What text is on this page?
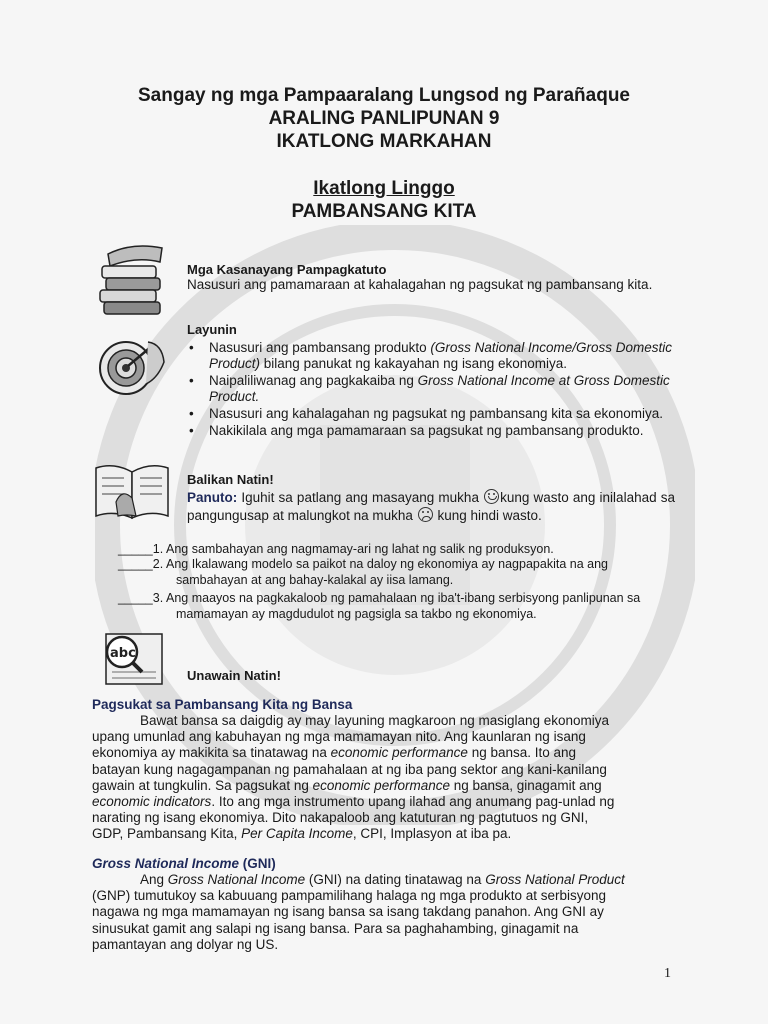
Sangay ng mga Pampaaralang Lungsod ng Parañaque
ARALING PANLIPUNAN 9
IKATLONG MARKAHAN
Ikatlong Linggo
PAMBANSANG KITA
abc
Mga Kasanayang Pampagkatuto
Nasusuri ang pamamaraan at kahalagahan ng pagsukat ng pambansang kita.
Layunin
• Nasusuri ang pambansang produkto (Gross National Income/Gross Domestic Product) bilang panukat ng kakayahan ng isang ekonomiya.
• Naipaliliwanag ang pagkakaiba ng Gross National Income at Gross Domestic Product.
• Nasusuri ang kahalagahan ng pagsukat ng pambansang kita sa ekonomiya.
• Nakikilala ang mga pamamaraan sa pagsukat ng pambansang produkto.
Balikan Natin!
Panuto: Iguhit sa patlang ang masayang mukha
kung wasto ang inilalahad sa pangungusap at malungkot na mukha
kung hindi wasto.
_____1. Ang sambahayan ang nagmamay-ari ng lahat ng salik ng produksyon.
_____2. Ang Ikalawang modelo sa paikot na daloy ng ekonomiya ay nagpapakita na ang sambahayan at ang bahay-kalakal ay iisa lamang.
_____3. Ang maayos na pagkakaloob ng pamahalaan ng iba't-ibang serbisyong panlipunan sa mamamayan ay magdudulot ng pagsigla sa takbo ng ekonomiya.
Unawain Natin!
Pagsukat sa Pambansang Kita ng Bansa
Bawat bansa sa daigdig ay may layuning magkaroon ng masiglang ekonomiya
upang umunlad ang kabuhayan ng mga mamamayan nito. Ang kaunlaran ng isang
ekonomiya ay makikita sa tinatawag na economic performance ng bansa. Ito ang
batayan kung nagagampanan ng pamahalaan at ng iba pang sektor ang kani-kanilang
gawain at tungkulin. Sa pagsukat ng economic performance ng bansa, ginagamit ang
economic indicators. Ito ang mga instrumento upang ilahad ang anumang pag-unlad ng
narating ng isang ekonomiya. Dito nakapaloob ang katuturan ng pagtutuos ng GNI,
GDP, Pambansang Kita, Per Capita Income, CPI, Implasyon at iba pa.
Gross National Income (GNI)
Ang Gross National Income (GNI) na dating tinatawag na Gross National Product
(GNP) tumutukoy sa kabuuang pampamilihang halaga ng mga produkto at serbisyong
nagawa ng mga mamamayan ng isang bansa sa isang takdang panahon. Ang GNI ay
sinusukat gamit ang salapi ng isang bansa. Para sa paghahambing, ginagamit na
pamantayan ang dolyar ng US.
1
